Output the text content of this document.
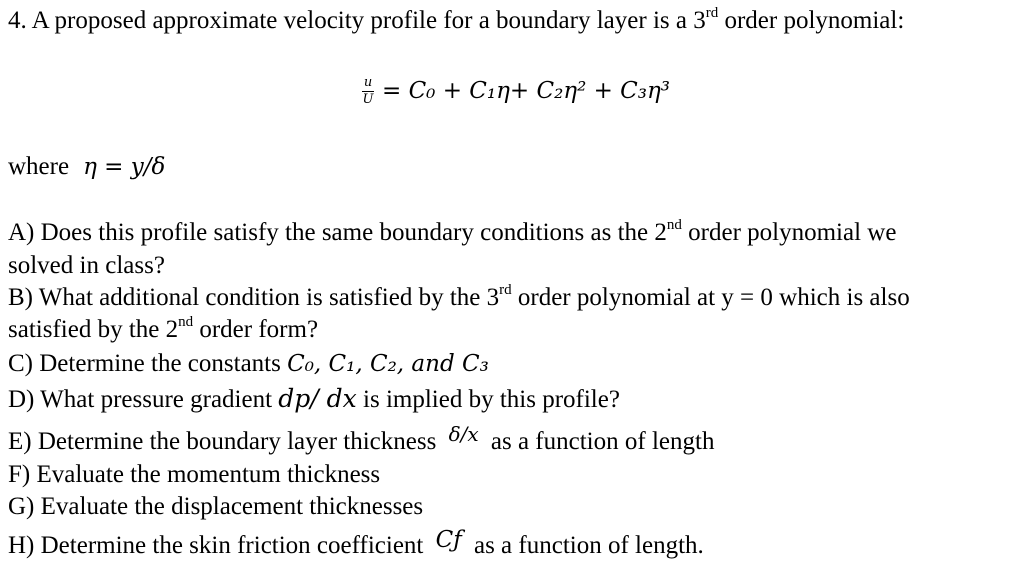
4. A proposed approximate velocity profile for a boundary layer is a 3rd order polynomial:
$\frac{u}{U} = C_0 + C_1\eta+ C_2\eta^2 + C_3\eta^3$
where η = y/δ
A) Does this profile satisfy the same boundary conditions as the 2nd order polynomial we
solved in class?
B) What additional condition is satisfied by the 3rd order polynomial at y = 0 which is also
satisfied by the 2nd order form?
C) Determine the constants C₀, C₁, C₂, and C₃
D) What pressure gradient dp/ dx is implied by this profile?
E) Determine the boundary layer thickness $^{\delta/x}$ as a function of length
F) Evaluate the momentum thickness
G) Evaluate the displacement thicknesses
H) Determine the skin friction coefficient Cƒ as a function of length.
